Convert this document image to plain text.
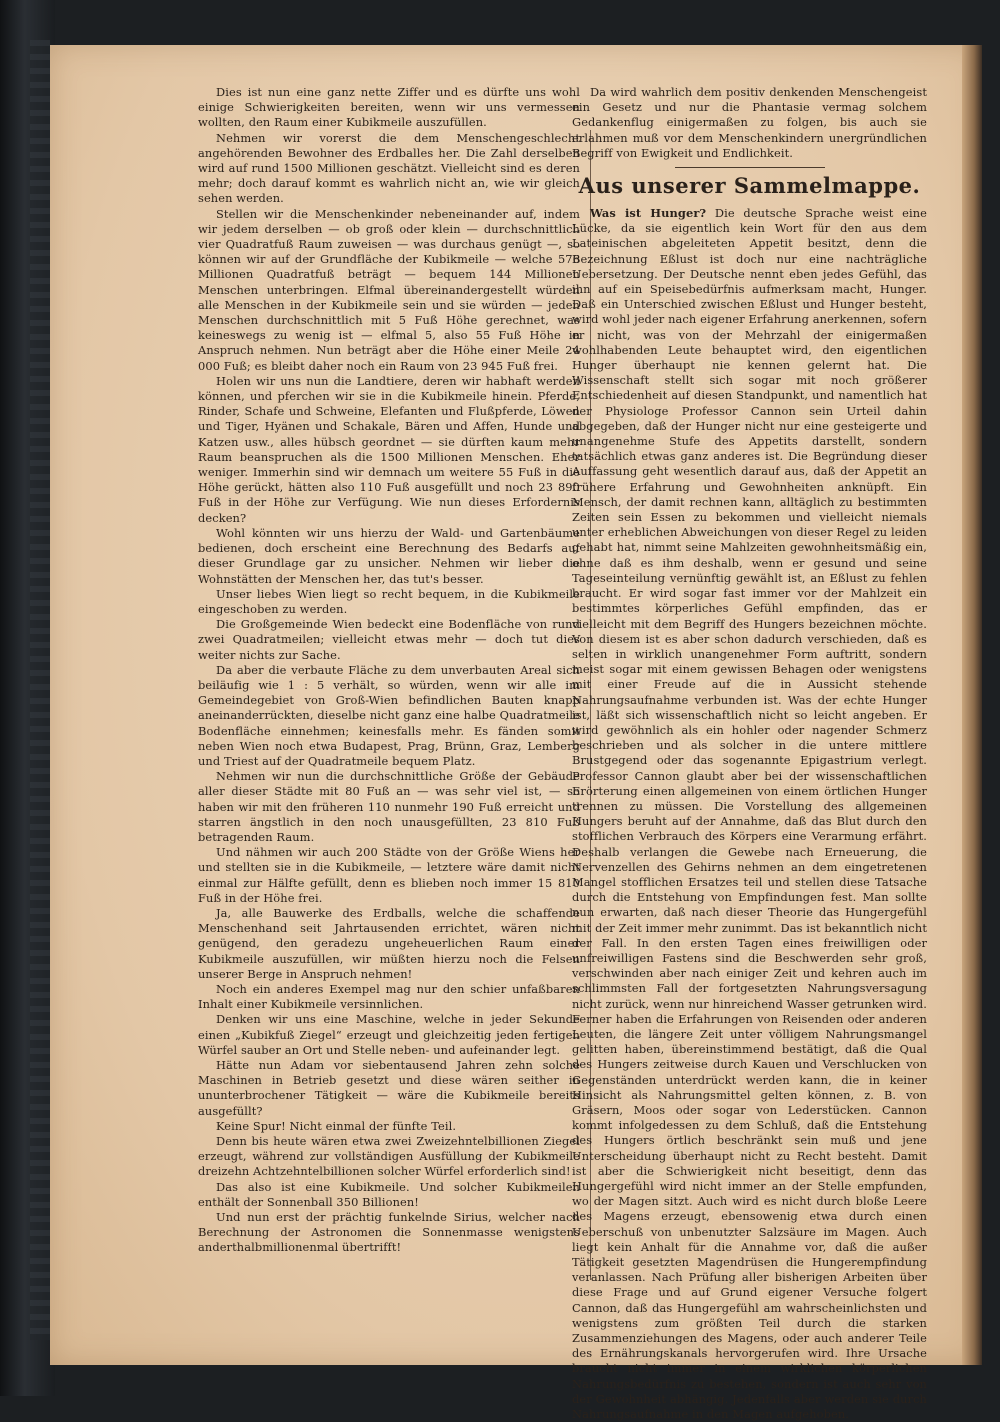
Dies ist nun eine ganz nette Ziffer und es dürfte uns wohl einige Schwierigkeiten bereiten, wenn wir uns vermessen wollten, den Raum einer Kubikmeile auszufüllen.

Nehmen wir vorerst die dem Menschengeschlecht angehörenden Bewohner des Erdballes her. Die Zahl derselben wird auf rund 1500 Millionen geschätzt. Vielleicht sind es deren mehr; doch darauf kommt es wahrlich nicht an, wie wir gleich sehen werden.

Stellen wir die Menschenkinder nebeneinander auf, indem wir jedem derselben — ob groß oder klein — durchschnittlich vier Quadratfuß Raum zuweisen — was durchaus genügt —, so können wir auf der Grundfläche der Kubikmeile — welche 576 Millionen Quadratfuß beträgt — bequem 144 Millionen Menschen unterbringen. Elfmal übereinandergestellt würden alle Menschen in der Kubikmeile sein und sie würden — jeden Menschen durchschnittlich mit 5 Fuß Höhe gerechnet, was keineswegs zu wenig ist — elfmal 5, also 55 Fuß Höhe in Anspruch nehmen. Nun beträgt aber die Höhe einer Meile 24 000 Fuß; es bleibt daher noch ein Raum von 23 945 Fuß frei.

Holen wir uns nun die Landtiere, deren wir habhaft werden können, und pferchen wir sie in die Kubikmeile hinein. Pferde, Rinder, Schafe und Schweine, Elefanten und Flußpferde, Löwen und Tiger, Hyänen und Schakale, Bären und Affen, Hunde und Katzen usw., alles hübsch geordnet — sie dürften kaum mehr Raum beanspruchen als die 1500 Millionen Menschen. Eher weniger. Immerhin sind wir demnach um weitere 55 Fuß in die Höhe gerückt, hätten also 110 Fuß ausgefüllt und noch 23 890 Fuß in der Höhe zur Verfügung. Wie nun dieses Erfordernis decken?

Wohl könnten wir uns hierzu der Wald- und Gartenbäume bedienen, doch erscheint eine Berechnung des Bedarfs auf dieser Grundlage gar zu unsicher. Nehmen wir lieber die Wohnstätten der Menschen her, das tut's besser.

Unser liebes Wien liegt so recht bequem, in die Kubikmeile eingeschoben zu werden.

Die Großgemeinde Wien bedeckt eine Bodenfläche von rund zwei Quadratmeilen; vielleicht etwas mehr — doch tut dies weiter nichts zur Sache.

Da aber die verbaute Fläche zu dem unverbauten Areal sich beiläufig wie 1 : 5 verhält, so würden, wenn wir alle im Gemeindegebiet von Groß-Wien befindlichen Bauten knapp aneinanderrückten, dieselbe nicht ganz eine halbe Quadratmeile Bodenfläche einnehmen; keinesfalls mehr. Es fänden somit neben Wien noch etwa Budapest, Prag, Brünn, Graz, Lemberg und Triest auf der Quadratmeile bequem Platz.

Nehmen wir nun die durchschnittliche Größe der Gebäude aller dieser Städte mit 80 Fuß an — was sehr viel ist, — so haben wir mit den früheren 110 nunmehr 190 Fuß erreicht und starren ängstlich in den noch unausgefüllten, 23 810 Fuß betragenden Raum.

Und nähmen wir auch 200 Städte von der Größe Wiens her und stellten sie in die Kubikmeile, — letztere wäre damit nicht einmal zur Hälfte gefüllt, denn es blieben noch immer 15 810 Fuß in der Höhe frei.

Ja, alle Bauwerke des Erdballs, welche die schaffende Menschenhand seit Jahrtausenden errichtet, wären nicht genügend, den geradezu ungeheuerlichen Raum einer Kubikmeile auszufüllen, wir müßten hierzu noch die Felsen unserer Berge in Anspruch nehmen!

Noch ein anderes Exempel mag nur den schier unfaßbaren Inhalt einer Kubikmeile versinnlichen.

Denken wir uns eine Maschine, welche in jeder Sekunde einen „Kubikfuß Ziegel“ erzeugt und gleichzeitig jeden fertigen Würfel sauber an Ort und Stelle neben- und aufeinander legt.

Hätte nun Adam vor siebentausend Jahren zehn solche Maschinen in Betrieb gesetzt und diese wären seither in ununterbrochener Tätigkeit — wäre die Kubikmeile bereits ausgefüllt?

Keine Spur! Nicht einmal der fünfte Teil.

Denn bis heute wären etwa zwei Zweizehntelbillionen Ziegel erzeugt, während zur vollständigen Ausfüllung der Kubikmeile dreizehn Achtzehntelbillionen solcher Würfel erforderlich sind!

Das also ist eine Kubikmeile. Und solcher Kubikmeilen enthält der Sonnenball 350 Billionen!

Und nun erst der prächtig funkelnde Sirius, welcher nach Berechnung der Astronomen die Sonnenmasse wenigstens anderthalbmillionenmal übertrifft!

Da wird wahrlich dem positiv denkenden Menschengeist ein Gesetz und nur die Phantasie vermag solchem Gedankenflug einigermaßen zu folgen, bis auch sie erlahmen muß vor dem Menschenkindern unergründlichen Begriff von Ewigkeit und Endlichkeit.

Aus unserer Sammelmappe.

Was ist Hunger? Die deutsche Sprache weist eine Lücke, da sie eigentlich kein Wort für den aus dem Lateinischen abgeleiteten Appetit besitzt, denn die Bezeichnung Eßlust ist doch nur eine nachträgliche Uebersetzung. Der Deutsche nennt eben jedes Gefühl, das ihn auf ein Speisebedürfnis aufmerksam macht, Hunger. Daß ein Unterschied zwischen Eßlust und Hunger besteht, wird wohl jeder nach eigener Erfahrung anerkennen, sofern er nicht, was von der Mehrzahl der einigermaßen wohlhabenden Leute behauptet wird, den eigentlichen Hunger überhaupt nie kennen gelernt hat. Die Wissenschaft stellt sich sogar mit noch größerer Entschiedenheit auf diesen Standpunkt, und namentlich hat der Physiologe Professor Cannon sein Urteil dahin abgegeben, daß der Hunger nicht nur eine gesteigerte und unangenehme Stufe des Appetits darstellt, sondern tatsächlich etwas ganz anderes ist. Die Begründung dieser Auffassung geht wesentlich darauf aus, daß der Appetit an frühere Erfahrung und Gewohnheiten anknüpft. Ein Mensch, der damit rechnen kann, alltäglich zu bestimmten Zeiten sein Essen zu bekommen und vielleicht niemals unter erheblichen Abweichungen von dieser Regel zu leiden gehabt hat, nimmt seine Mahlzeiten gewohnheitsmäßig ein, ohne daß es ihm deshalb, wenn er gesund und seine Tageseinteilung vernünftig gewählt ist, an Eßlust zu fehlen braucht. Er wird sogar fast immer vor der Mahlzeit ein bestimmtes körperliches Gefühl empfinden, das er vielleicht mit dem Begriff des Hungers bezeichnen möchte. Von diesem ist es aber schon dadurch verschieden, daß es selten in wirklich unangenehmer Form auftritt, sondern meist sogar mit einem gewissen Behagen oder wenigstens mit einer Freude auf die in Aussicht stehende Nahrungsaufnahme verbunden ist. Was der echte Hunger ist, läßt sich wissenschaftlich nicht so leicht angeben. Er wird gewöhnlich als ein hohler oder nagender Schmerz beschrieben und als solcher in die untere mittlere Brustgegend oder das sogenannte Epigastrium verlegt. Professor Cannon glaubt aber bei der wissenschaftlichen Erörterung einen allgemeinen von einem örtlichen Hunger trennen zu müssen. Die Vorstellung des allgemeinen Hungers beruht auf der Annahme, daß das Blut durch den stofflichen Verbrauch des Körpers eine Verarmung erfährt. Deshalb verlangen die Gewebe nach Erneuerung, die Nervenzellen des Gehirns nehmen an dem eingetretenen Mangel stofflichen Ersatzes teil und stellen diese Tatsache durch die Entstehung von Empfindungen fest. Man sollte nun erwarten, daß nach dieser Theorie das Hungergefühl mit der Zeit immer mehr zunimmt. Das ist bekanntlich nicht der Fall. In den ersten Tagen eines freiwilligen oder unfreiwilligen Fastens sind die Beschwerden sehr groß, verschwinden aber nach einiger Zeit und kehren auch im schlimmsten Fall der fortgesetzten Nahrungsversagung nicht zurück, wenn nur hinreichend Wasser getrunken wird. Ferner haben die Erfahrungen von Reisenden oder anderen Leuten, die längere Zeit unter völligem Nahrungsmangel gelitten haben, übereinstimmend bestätigt, daß die Qual des Hungers zeitweise durch Kauen und Verschlucken von Gegenständen unterdrückt werden kann, die in keiner Hinsicht als Nahrungsmittel gelten können, z. B. von Gräsern, Moos oder sogar von Lederstücken. Cannon kommt infolgedessen zu dem Schluß, daß die Entstehung des Hungers örtlich beschränkt sein muß und jene Unterscheidung überhaupt nicht zu Recht besteht. Damit ist aber die Schwierigkeit nicht beseitigt, denn das Hungergefühl wird nicht immer an der Stelle empfunden, wo der Magen sitzt. Auch wird es nicht durch bloße Leere des Magens erzeugt, ebensowenig etwa durch einen Ueberschuß von unbenutzter Salzsäure im Magen. Auch liegt kein Anhalt für die Annahme vor, daß die außer Tätigkeit gesetzten Magendrüsen die Hungerempfindung veranlassen. Nach Prüfung aller bisherigen Arbeiten über diese Frage und auf Grund eigener Versuche folgert Cannon, daß das Hungergefühl am wahrscheinlichsten und wenigstens zum größten Teil durch die starken Zusammenziehungen des Magens, oder auch anderer Teile des Ernährungskanals hervorgerufen wird. Ihre Ursache braucht nicht immer in einem wirklichen körperlichen Nahrungsbedürfnis zu bestehen, sondern ist auch sehr von der Gewohnheit abhängig. Jedenfalls aber werden sie durch Nahrungsaufnahme in den Magen aufgehoben.
